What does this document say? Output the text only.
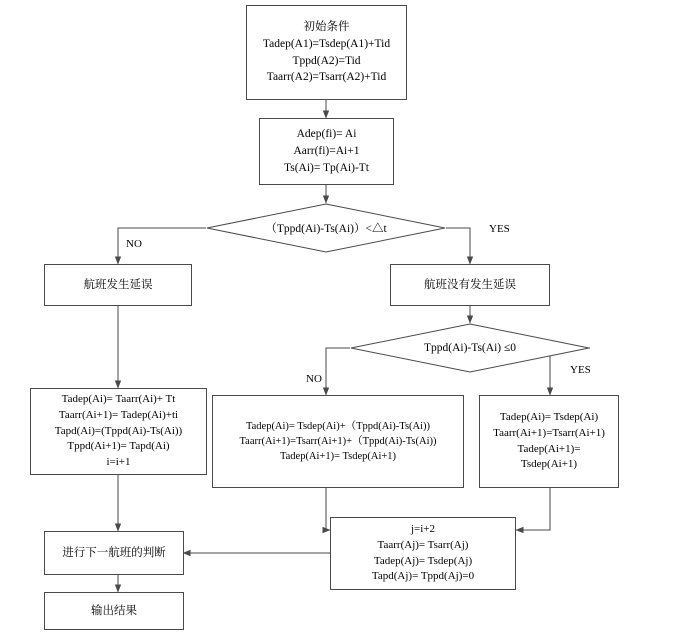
初始条件
Tadep(A1)=Tsdep(A1)+Tid
Tppd(A2)=Tid
Taarr(A2)=Tsarr(A2)+Tid
Adep(fi)= Ai
Aarr(fi)=Ai+1
Ts(Ai)= Tp(Ai)-Tt
（Tppd(Ai)-Ts(Ai)）<△t
NO
YES
航班发生延误	航班没有发生延误
Tppd(Ai)-Ts(Ai) ≤0
NO
YES
Tadep(Ai)= Taarr(Ai)+ Tt
Taarr(Ai+1)= Tadep(Ai)+ti
Tapd(Ai)=(Tppd(Ai)-Ts(Ai))
Tppd(Ai+1)= Tapd(Ai)
i=i+1
Tadep(Ai)= Tsdep(Ai)+（Tppd(Ai)-Ts(Ai))
Taarr(Ai+1)=Tsarr(Ai+1)+（Tppd(Ai)-Ts(Ai))
Tadep(Ai+1)= Tsdep(Ai+1)
Tadep(Ai)= Tsdep(Ai)
Taarr(Ai+1)=Tsarr(Ai+1)
Tadep(Ai+1)=
Tsdep(Ai+1)
j=i+2
Taarr(Aj)= Tsarr(Aj)
Tadep(Aj)= Tsdep(Aj)
Tapd(Aj)= Tppd(Aj)=0
进行下一航班的判断
输出结果
